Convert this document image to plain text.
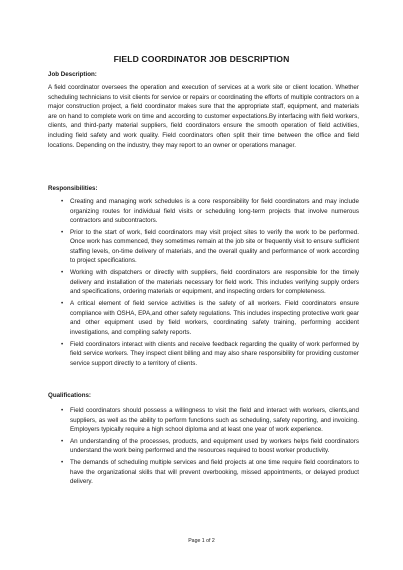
FIELD COORDINATOR JOB DESCRIPTION
Job Description:

A field coordinator oversees the operation and execution of services at a work site or client location. Whether scheduling technicians to visit clients for service or repairs or coordinating the efforts of multiple contractors on a major construction project, a field coordinator makes sure that the appropriate staff, equipment, and materials are on hand to complete work on time and according to customer expectations.By interfacing with field workers, clients, and third-party material suppliers, field coordinators ensure the smooth operation of field activities, including field safety and work quality. Field coordinators often split their time between the office and field locations. Depending on the industry, they may report to an owner or operations manager.

Responsibilities:
• Creating and managing work schedules is a core responsibility for field coordinators and may include organizing routes for individual field visits or scheduling long-term projects that involve numerous contractors and subcontractors.
• Prior to the start of work, field coordinators may visit project sites to verify the work to be performed. Once work has commenced, they sometimes remain at the job site or frequently visit to ensure sufficient staffing levels, on-time delivery of materials, and the overall quality and performance of work according to project specifications.
• Working with dispatchers or directly with suppliers, field coordinators are responsible for the timely delivery and installation of the materials necessary for field work. This includes verifying supply orders and specifications, ordering materials or equipment, and inspecting orders for completeness.
• A critical element of field service activities is the safety of all workers. Field coordinators ensure compliance with OSHA, EPA,and other safety regulations. This includes inspecting protective work gear and other equipment used by field workers, coordinating safety training, performing accident investigations, and compiling safety reports.
• Field coordinators interact with clients and receive feedback regarding the quality of work performed by field service workers. They inspect client billing and may also share responsibility for providing customer service support directly to a territory of clients.
Qualifications:
• Field coordinators should possess a willingness to visit the field and interact with workers, clients,and suppliers, as well as the ability to perform functions such as scheduling, safety reporting, and invoicing. Employers typically require a high school diploma and at least one year of work experience.
• An understanding of the processes, products, and equipment used by workers helps field coordinators understand the work being performed and the resources required to boost worker productivity.
• The demands of scheduling multiple services and field projects at one time require field coordinators to have the organizational skills that will prevent overbooking, missed appointments, or delayed product delivery.
Page 1 of 2
